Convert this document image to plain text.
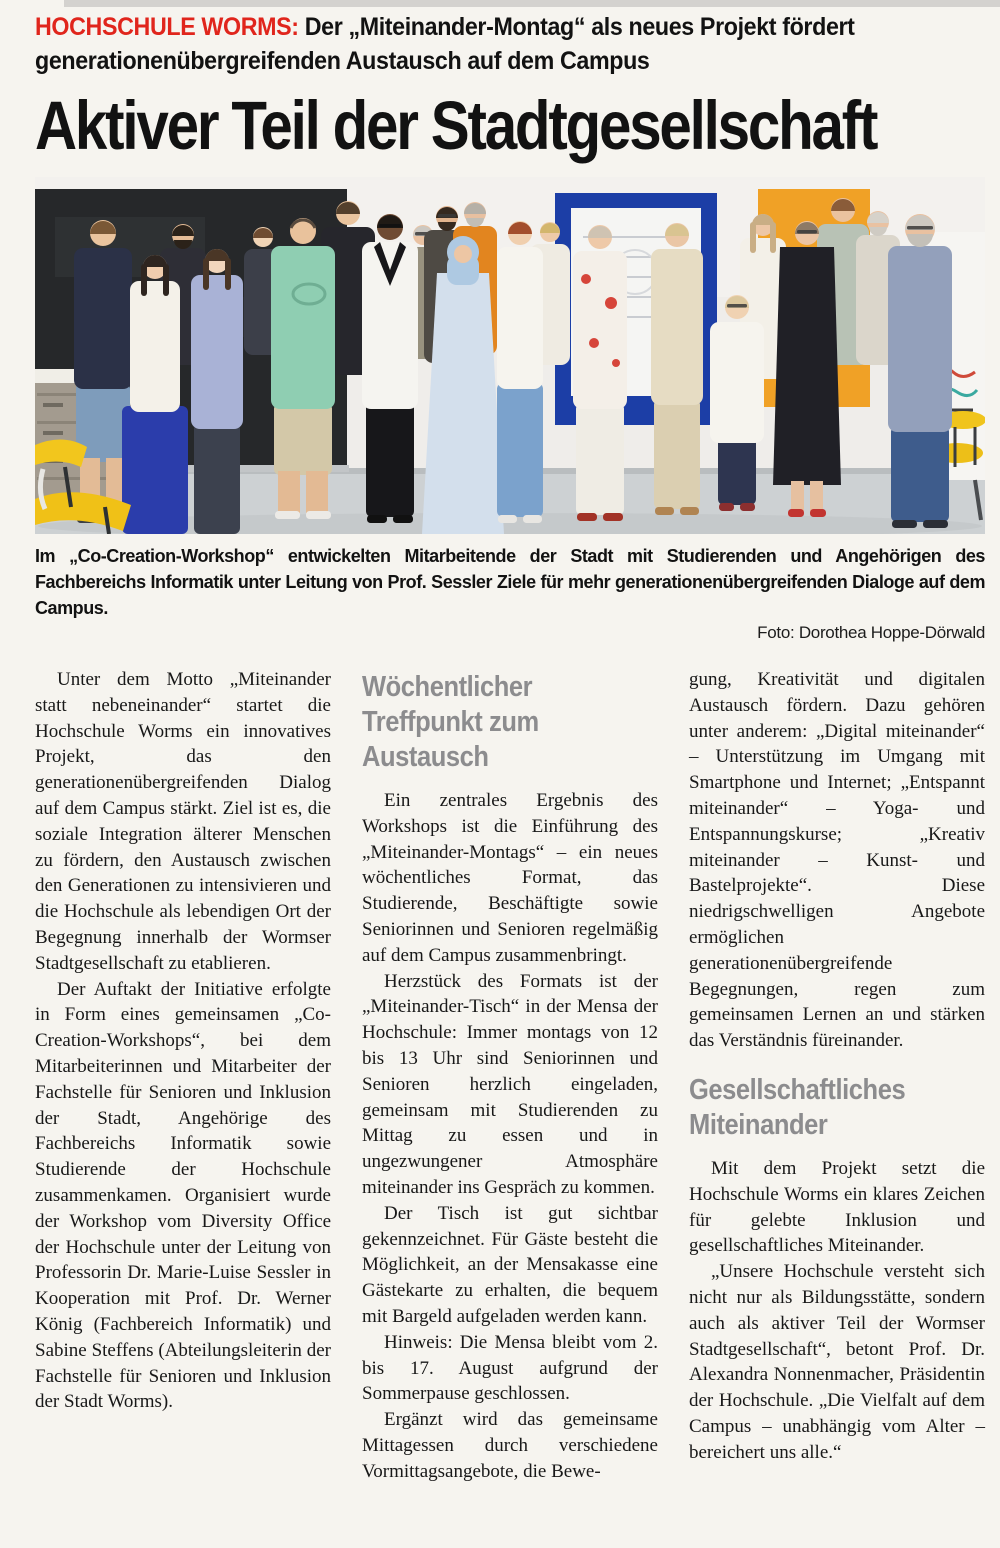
HOCHSCHULE WORMS: Der „Miteinander-Montag“ als neues Projekt fördert generationenübergreifenden Austausch auf dem Campus
Aktiver Teil der Stadtgesellschaft
Im „Co-Creation-Workshop“ entwickelten Mitarbeitende der Stadt mit Studierenden und Angehörigen des Fachbereichs Informatik unter Leitung von Prof. Sessler Ziele für mehr generationenübergreifenden Dialoge auf dem Campus.
Foto: Dorothea Hoppe-Dörwald

Unter dem Motto „Miteinander statt nebeneinander“ startet die Hochschule Worms ein innovatives Projekt, das den generationenübergreifenden Dialog auf dem Campus stärkt. Ziel ist es, die soziale Integration älterer Menschen zu fördern, den Austausch zwischen den Generationen zu intensivieren und die Hochschule als lebendigen Ort der Begegnung innerhalb der Wormser Stadtgesellschaft zu etablieren.

Der Auftakt der Initiative erfolgte in Form eines gemeinsamen „Co-Creation-Workshops“, bei dem Mitarbeiterinnen und Mitarbeiter der Fachstelle für Senioren und Inklusion der Stadt, Angehörige des Fachbereichs Informatik sowie Studierende der Hochschule zusammenkamen. Organisiert wurde der Workshop vom Diversity Office der Hochschule unter der Leitung von Professorin Dr. Marie-Luise Sessler in Kooperation mit Prof. Dr. Werner König (Fachbereich Informatik) und Sabine Steffens (Abteilungsleiterin der Fachstelle für Senioren und Inklusion der Stadt Worms).

Wöchentlicher Treffpunkt zum Austausch

Ein zentrales Ergebnis des Workshops ist die Einführung des „Miteinander-Montags“ – ein neues wöchentliches Format, das Studierende, Beschäftigte sowie Seniorinnen und Senioren regelmäßig auf dem Campus zusammenbringt.

Herzstück des Formats ist der „Miteinander-Tisch“ in der Mensa der Hochschule: Immer montags von 12 bis 13 Uhr sind Seniorinnen und Senioren herzlich eingeladen, gemeinsam mit Studierenden zu Mittag zu essen und in ungezwungener Atmosphäre miteinander ins Gespräch zu kommen.

Der Tisch ist gut sichtbar gekennzeichnet. Für Gäste besteht die Möglichkeit, an der Mensakasse eine Gästekarte zu erhalten, die bequem mit Bargeld aufgeladen werden kann.

Hinweis: Die Mensa bleibt vom 2. bis 17. August aufgrund der Sommerpause geschlossen.

Ergänzt wird das gemeinsame Mittagessen durch verschiedene Vormittagsangebote, die Bewe-

gung, Kreativität und digitalen Austausch fördern. Dazu gehören unter anderem: „Digital miteinander“ – Unterstützung im Umgang mit Smartphone und Internet; „Entspannt miteinander“ – Yoga- und Entspannungskurse; „Kreativ miteinander – Kunst- und Bastelprojekte“. Diese niedrigschwelligen Angebote ermöglichen generationenübergreifende Begegnungen, regen zum gemeinsamen Lernen an und stärken das Verständnis füreinander.

Gesellschaftliches Miteinander

Mit dem Projekt setzt die Hochschule Worms ein klares Zeichen für gelebte Inklusion und gesellschaftliches Miteinander.

„Unsere Hochschule versteht sich nicht nur als Bildungsstätte, sondern auch als aktiver Teil der Wormser Stadtgesellschaft“, betont Prof. Dr. Alexandra Nonnenmacher, Präsidentin der Hochschule. „Die Vielfalt auf dem Campus – unabhängig vom Alter – bereichert uns alle.“
